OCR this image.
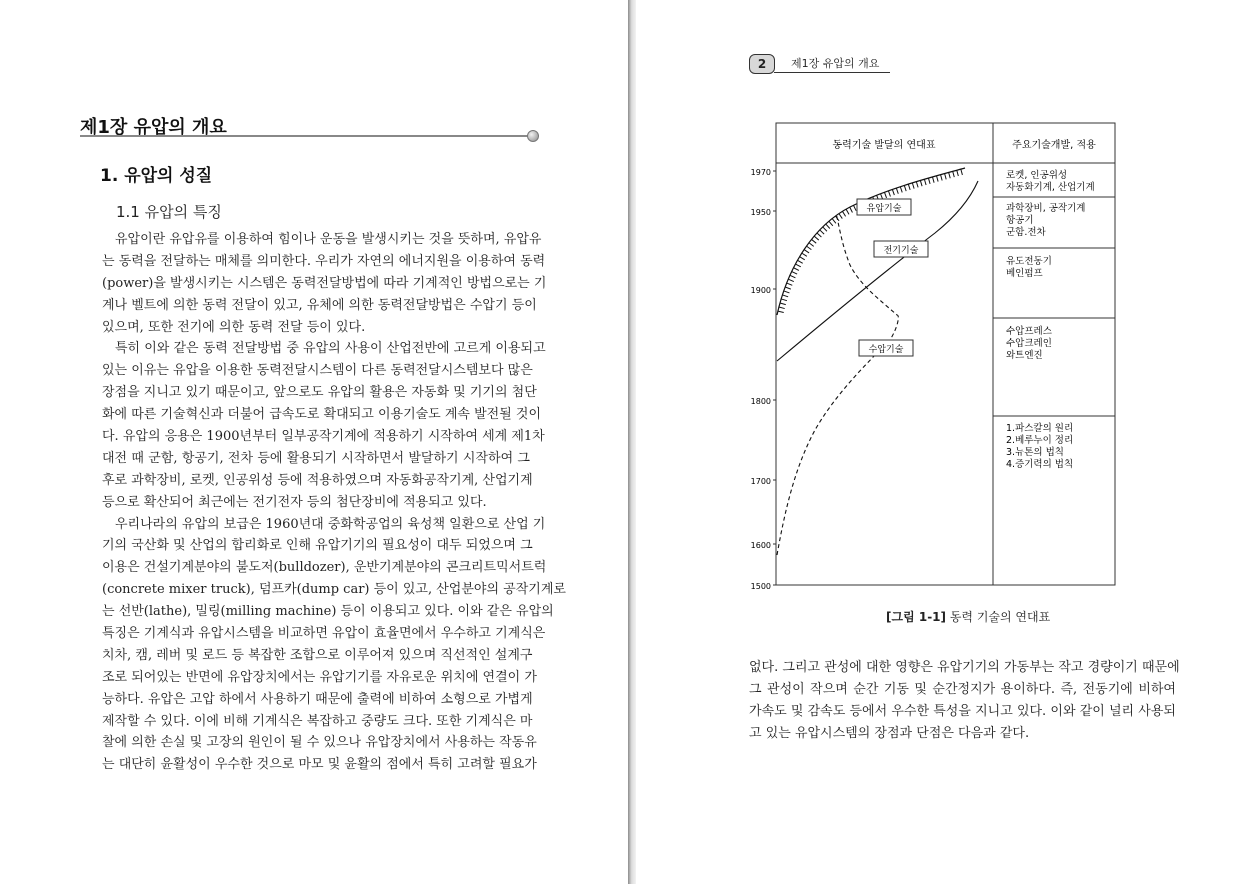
제1장 유압의 개요
1. 유압의 성질
1.1 유압의 특징
　유압이란 유압유를 이용하여 힘이나 운동을 발생시키는 것을 뜻하며, 유압유
는 동력을 전달하는 매체를 의미한다. 우리가 자연의 에너지원을 이용하여 동력
(power)을 발생시키는 시스템은 동력전달방법에 따라 기계적인 방법으로는 기
계나 벨트에 의한 동력 전달이 있고, 유체에 의한 동력전달방법은 수압기 등이
있으며, 또한 전기에 의한 동력 전달 등이 있다.
　특히 이와 같은 동력 전달방법 중 유압의 사용이 산업전반에 고르게 이용되고
있는 이유는 유압을 이용한 동력전달시스템이 다른 동력전달시스템보다 많은
장점을 지니고 있기 때문이고, 앞으로도 유압의 활용은 자동화 및 기기의 첨단
화에 따른 기술혁신과 더불어 급속도로 확대되고 이용기술도 계속 발전될 것이
다. 유압의 응용은 1900년부터 일부공작기계에 적용하기 시작하여 세계 제1차
대전 때 군함, 항공기, 전차 등에 활용되기 시작하면서 발달하기 시작하여 그
후로 과학장비, 로켓, 인공위성 등에 적용하였으며 자동화공작기계, 산업기계
등으로 확산되어 최근에는 전기전자 등의 첨단장비에 적용되고 있다.
　우리나라의 유압의 보급은 1960년대 중화학공업의 육성책 일환으로 산업 기
기의 국산화 및 산업의 합리화로 인해 유압기기의 필요성이 대두 되었으며 그
이용은 건설기계분야의 불도저(bulldozer), 운반기계분야의 콘크리트믹서트럭
(concrete mixer truck), 덤프카(dump car) 등이 있고, 산업분야의 공작기계로
는 선반(lathe), 밀링(milling machine) 등이 이용되고 있다. 이와 같은 유압의
특징은 기계식과 유압시스템을 비교하면 유압이 효율면에서 우수하고 기계식은
치차, 캠, 레버 및 로드 등 복잡한 조합으로 이루어져 있으며 직선적인 설계구
조로 되어있는 반면에 유압장치에서는 유압기기를 자유로운 위치에 연결이 가
능하다. 유압은 고압 하에서 사용하기 때문에 출력에 비하여 소형으로 가볍게
제작할 수 있다. 이에 비해 기계식은 복잡하고 중량도 크다. 또한 기계식은 마
찰에 의한 손실 및 고장의 원인이 될 수 있으나 유압장치에서 사용하는 작동유
는 대단히 윤활성이 우수한 것으로 마모 및 윤활의 점에서 특히 고려할 필요가
2	제1장 유압의 개요
동력기술 발달의 연대표	주요기술개발, 적용
1970
1950
1900
1800
1700
1600
1500
유압기술
전기기술
수압기술
로켓, 인공위성
자동화기계, 산업기계
과학장비, 공작기계
항공기
군함.전차
유도전동기
베인펌프
수압프레스
수압크레인
와트엔진
1.파스칼의 원리
2.베루누이 정리
3.뉴톤의 법칙
4.증기력의 법칙
[그림 1-1] 동력 기술의 연대표
없다. 그리고 관성에 대한 영향은 유압기기의 가동부는 작고 경량이기 때문에
그 관성이 작으며 순간 기동 및 순간정지가 용이하다. 즉, 전동기에 비하여
가속도 및 감속도 등에서 우수한 특성을 지니고 있다. 이와 같이 널리 사용되
고 있는 유압시스템의 장점과 단점은 다음과 같다.
